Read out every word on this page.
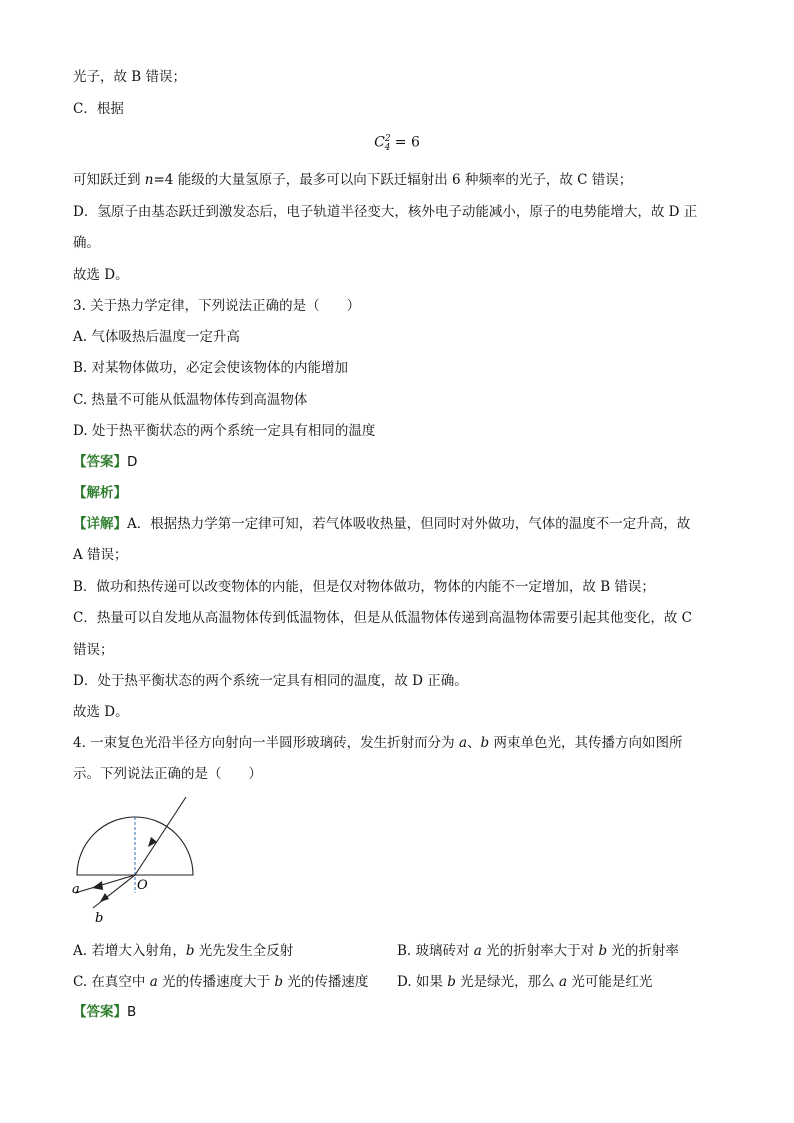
光子，故 B 错误；
C．根据
$C^2_4 = 6$
可知跃迁到 n=4 能级的大量氢原子，最多可以向下跃迁辐射出 6 种频率的光子，故 C 错误；
D．氢原子由基态跃迁到激发态后，电子轨道半径变大，核外电子动能减小，原子的电势能增大，故 D 正
确。
故选 D。
3. 关于热力学定律，下列说法正确的是（　　）
A. 气体吸热后温度一定升高
B. 对某物体做功，必定会使该物体的内能增加
C. 热量不可能从低温物体传到高温物体
D. 处于热平衡状态的两个系统一定具有相同的温度
【答案】D
【解析】
【详解】A．根据热力学第一定律可知，若气体吸收热量，但同时对外做功，气体的温度不一定升高，故
A 错误；
B．做功和热传递可以改变物体的内能，但是仅对物体做功，物体的内能不一定增加，故 B 错误；
C．热量可以自发地从高温物体传到低温物体，但是从低温物体传递到高温物体需要引起其他变化，故 C
错误；
D．处于热平衡状态的两个系统一定具有相同的温度，故 D 正确。
故选 D。
4. 一束复色光沿半径方向射向一半圆形玻璃砖，发生折射而分为 a、b 两束单色光，其传播方向如图所
示。下列说法正确的是（　　）
a
b
O
A. 若增大入射角，b 光先发生全反射	B. 玻璃砖对 a 光的折射率大于对 b 光的折射率
C. 在真空中 a 光的传播速度大于 b 光的传播速度 D. 如果 b 光是绿光，那么 a 光可能是红光
【答案】B
